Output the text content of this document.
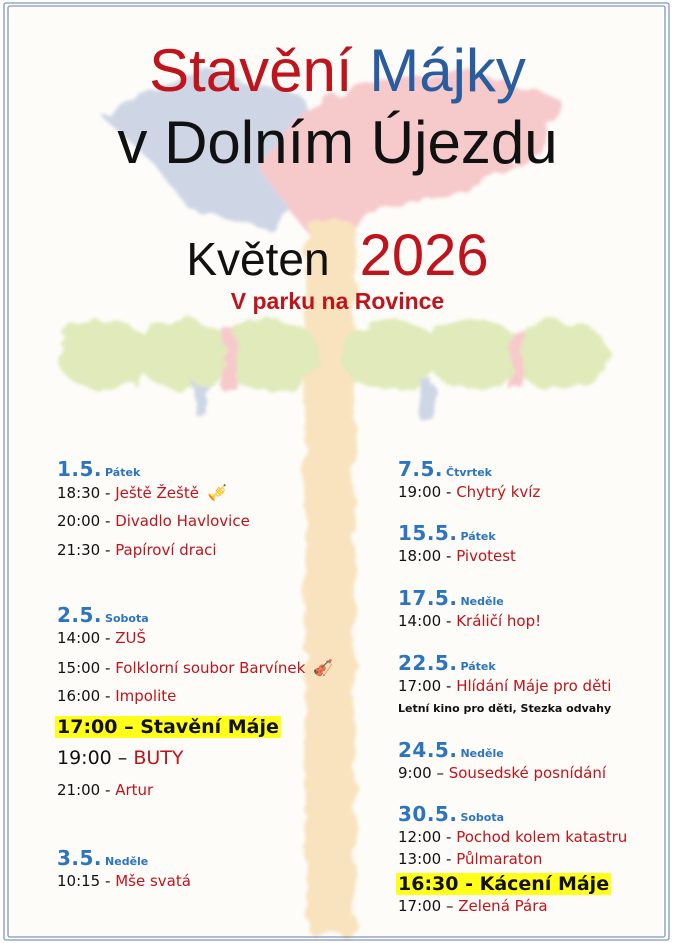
Stavění Májky
v Dolním Újezdu
Květen 2026
V parku na Rovince
1.5. Pátek
18:30 - Ještě Žeště 🎺
20:00 - Divadlo Havlovice
21:30 - Papíroví draci
2.5. Sobota
14:00 - ZUŠ
15:00 - Folklorní soubor Barvínek 🎻
16:00 - Impolite
17:00 – Stavění Máje
19:00 – BUTY
21:00 - Artur
3.5. Neděle
10:15 - Mše svatá
7.5. Čtvrtek
19:00 - Chytrý kvíz
15.5. Pátek
18:00 - Pivotest
17.5. Neděle
14:00 - Králičí hop!
22.5. Pátek
17:00 - Hlídání Máje pro děti
Letní kino pro děti, Stezka odvahy
24.5. Neděle
9:00 – Sousedské posnídání
30.5. Sobota
12:00 - Pochod kolem katastru
13:00 - Půlmaraton
16:30 - Kácení Máje
17:00 – Zelená Pára
